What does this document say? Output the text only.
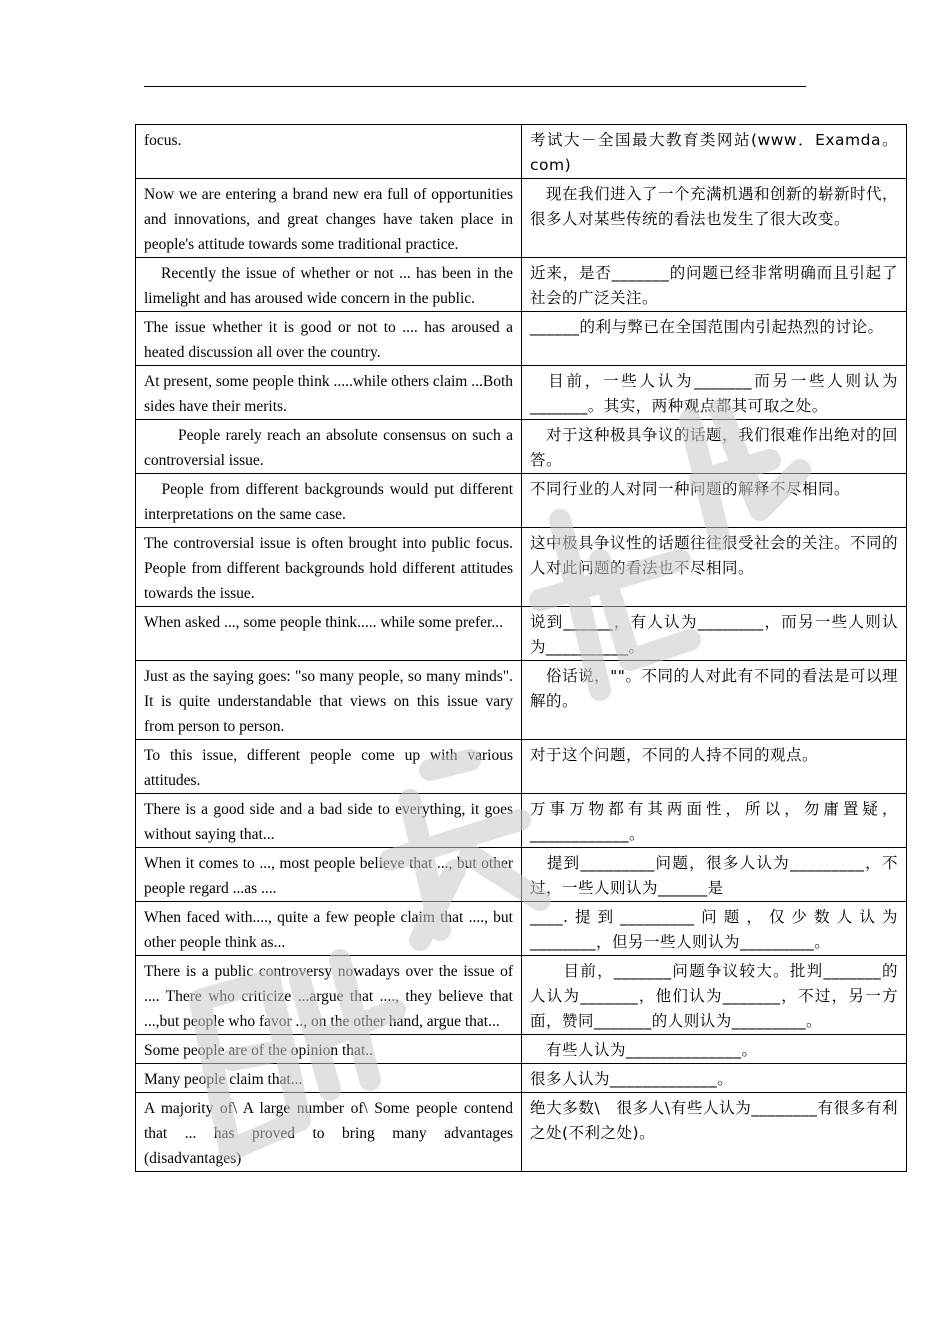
focus.	考试大－全国最大教育类网站(www．Examda。com)
Now we are entering a brand new era full of opportunities and innovations, and great changes have taken place in people's attitude towards some traditional practice.	　现在我们进入了一个充满机遇和创新的崭新时代，很多人对某些传统的看法也发生了很大改变。
　Recently the issue of whether or not ... has been in the limelight and has aroused wide concern in the public.	近来，是否_______的问题已经非常明确而且引起了社会的广泛关注。
The issue whether it is good or not to .... has aroused a heated discussion all over the country.	______的利与弊已在全国范围内引起热烈的讨论。
At present, some people think .....while others claim ...Both sides have their merits.	　目前，一些人认为_______而另一些人则认为_______。其实，两种观点都其可取之处。
　　People rarely reach an absolute consensus on such a controversial issue.	　对于这种极具争议的话题，我们很难作出绝对的回答。
　People from different backgrounds would put different interpretations on the same case.	不同行业的人对同一种问题的解释不尽相同。
The controversial issue is often brought into public focus. People from different backgrounds hold different attitudes towards the issue.	这中极具争议性的话题往往很受社会的关注。不同的人对此问题的看法也不尽相同。
When asked ..., some people think..... while some prefer...	说到______，有人认为________，而另一些人则认为__________。
Just as the saying goes: "so many people, so many minds". It is quite understandable that views on this issue vary from person to person.	　俗话说，""。不同的人对此有不同的看法是可以理解的。
To this issue, different people come up with various attitudes.	对于这个问题，不同的人持不同的观点。
There is a good side and a bad side to everything, it goes without saying that...	万事万物都有其两面性，所以，勿庸置疑，____________。
When it comes to ..., most people believe that ..., but other people regard ...as ....	　提到_________问题，很多人认为_________，不过，一些人则认为______是
When faced with...., quite a few people claim that ...., but other people think as...	____.提到_________问题，仅少数人认为________，但另一些人则认为_________。
There is a public controversy nowadays over the issue of .... There who criticize ...argue that ...., they believe that ...,but people who favor .., on the other hand, argue that...	　　目前，_______问题争议较大。批判_______的人认为_______，他们认为_______，不过，另一方面，赞同_______的人则认为_________。
Some people are of the opinion that..	　有些人认为______________。
Many people claim that...	很多人认为_____________。
A majority of\ A large number of\ Some people contend that ... has proved to bring many advantages (disadvantages)	绝大多数\　很多人\有些人认为________有很多有利之处(不利之处)。
